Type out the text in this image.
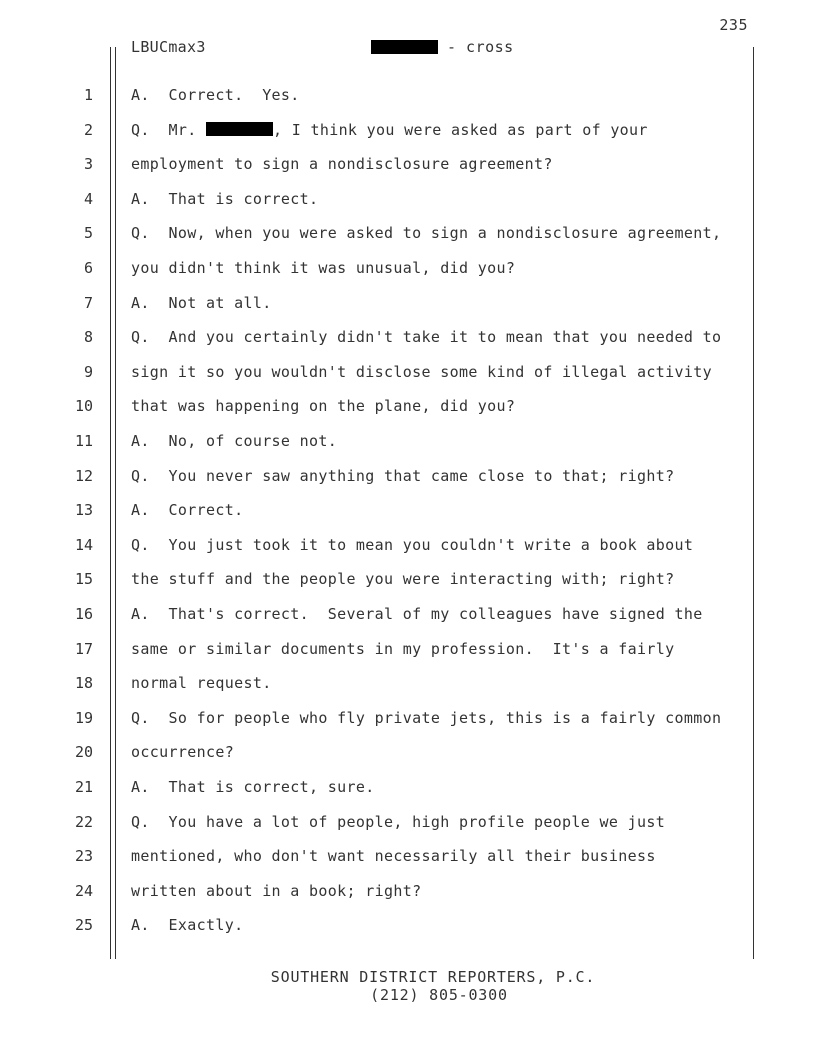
235
LBUCmax3	- cross
1	A.  Correct.  Yes.
2	Q.  Mr.	, I think you were asked as part of your
3	employment to sign a nondisclosure agreement?
4	A.  That is correct.
5	Q.  Now, when you were asked to sign a nondisclosure agreement,
6	you didn't think it was unusual, did you?
7	A.  Not at all.
8	Q.  And you certainly didn't take it to mean that you needed to
9	sign it so you wouldn't disclose some kind of illegal activity
10	that was happening on the plane, did you?
11	A.  No, of course not.
12	Q.  You never saw anything that came close to that; right?
13	A.  Correct.
14	Q.  You just took it to mean you couldn't write a book about
15	the stuff and the people you were interacting with; right?
16	A.  That's correct.  Several of my colleagues have signed the
17	same or similar documents in my profession.  It's a fairly
18	normal request.
19	Q.  So for people who fly private jets, this is a fairly common
20	occurrence?
21	A.  That is correct, sure.
22	Q.  You have a lot of people, high profile people we just
23	mentioned, who don't want necessarily all their business
24	written about in a book; right?
25	A.  Exactly.
SOUTHERN DISTRICT REPORTERS, P.C.
(212) 805-0300
